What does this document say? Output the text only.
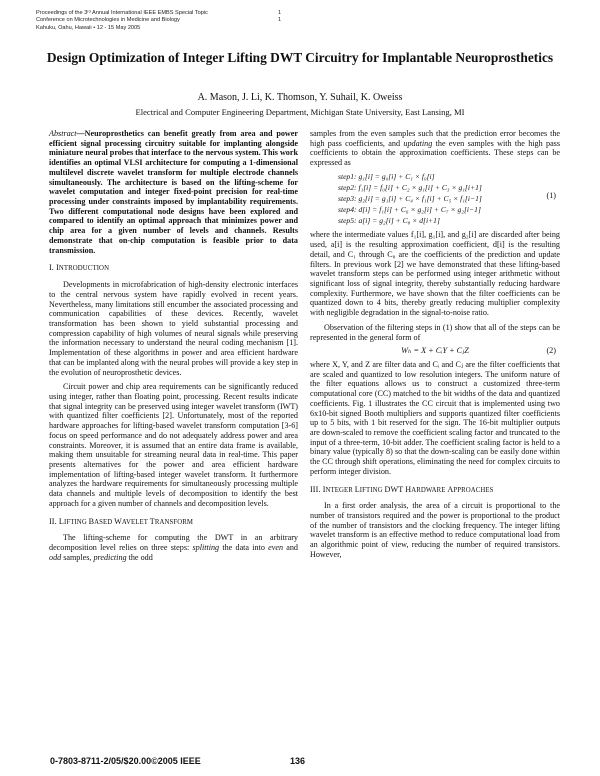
Proceedings of the 3ʳᵈ Annual International IEEE EMBS Special Topic
Conference on Microtechnologies in Medicine and Biology
Kahuku, Oahu, Hawaii • 12 - 15 May 2005
1
1
Design Optimization of Integer Lifting DWT Circuitry for Implantable Neuroprosthetics
A. Mason, J. Li, K. Thomson, Y. Suhail, K. Oweiss
Electrical and Computer Engineering Department, Michigan State University, East Lansing, MI

Abstract—Neuroprosthetics can benefit greatly from area and power efficient signal processing circuitry suitable for implanting alongside miniature neural probes that interface to the nervous system. This work identifies an optimal VLSI architecture for computing a 1-dimensional multilevel discrete wavelet transform for multiple electrode channels simultaneously. The architecture is based on the lifting-scheme for wavelet computation and integer fixed-point precision for real-time processing under constraints imposed by implantability requirements. Two different computational node designs have been explored and compared to identify an optimal approach that minimizes power and chip area for a given number of levels and channels. Results demonstrate that on-chip computation is feasible prior to data transmission.

I. INTRODUCTION

Developments in microfabrication of high-density electronic interfaces to the central nervous system have rapidly evolved in recent years. Nevertheless, many limitations still encumber the associated processing and communication capabilities of these devices. Recently, wavelet transformation has been shown to yield substantial processing and compression capability of high volumes of neural signals while preserving the information necessary to understand the neural coding mechanism [1]. Implementation of these algorithms in power and area efficient hardware that can be implanted along with the neural probes will provide a key step in the evolution of neuroprosthetic devices.

Circuit power and chip area requirements can be significantly reduced using integer, rather than floating point, processing. Recent results indicate that signal integrity can be preserved using integer wavelet transform (IWT) with quantized filter coefficients [2]. Unfortunately, most of the reported hardware approaches for lifting-based wavelet transform computation [3-6] focus on speed performance and do not adequately address power and area constraints. Moreover, it is assumed that an entire data frame is available, making them unsuitable for streaming neural data in real-time. This paper presents alternatives for the power and area efficient hardware implementation of lifting-based integer wavelet transform. It furthermore analyzes the hardware requirements for simultaneously processing multiple data channels and multiple levels of decomposition to identify the best approach for a given number of channels and decomposition levels.

II. LIFTING BASED WAVELET TRANSFORM

The lifting-scheme for computing the DWT in an arbitrary decomposition level relies on three steps: splitting the data into even and odd samples, predicting the odd

samples from the even samples such that the prediction error becomes the high pass coefficients, and updating the even samples with the high pass coefficients to obtain the approximation coefficients. These steps can be expressed as

step1: g₁[i] = g₀[i] + C₁ × f₀[i]
step2: f₁[i] = f₀[i] + C₂ × g₁[i] + C₃ × g₁[i+1]
step3: g₂[i] = g₁[i] + C₄ × f₁[i] + C₅ × f₁[i−1]
step4: d[i] = f₁[i] + C₆ × g₂[i] + C₇ × g₂[i−1]
step5: a[i] = g₂[i] + C₈ × d[i+1]
(1)

where the intermediate values f₁[i], g₁[i], and g₂[i] are discarded after being used, a[i] is the resulting approximation coefficient, d[i] is the resulting detail, and C₁ through C₈ are the coefficients of the prediction and update filters. In previous work [2] we have demonstrated that these lifting-based wavelet transform steps can be performed using integer arithmetic without significant loss of signal integrity, thereby substantially reducing hardware complexity. Furthermore, we have shown that the filter coefficients can be quantized down to 4 bits, thereby greatly reducing multiplier complexity with negligible degradation in the signal-to-noise ratio.

Observation of the filtering steps in (1) show that all of the steps can be represented in the general form of

Wₕ = X + CᵢY + CⱼZ	(2)

where X, Y, and Z are filter data and Cᵢ and Cⱼ are the filter coefficients that are scaled and quantized to low resolution integers. The uniform nature of the filter equations allows us to construct a customized three-term computational core (CC) matched to the bit widths of the data and quantized coefficients. Fig. 1 illustrates the CC circuit that is implemented using two 6x10-bit signed Booth multipliers and supports quantized filter coefficients up to 5 bits, with 1 bit reserved for the sign. The 16-bit multiplier outputs are down-scaled to remove the coefficient scaling factor and truncated to the input of a three-term, 10-bit adder. The coefficient scaling factor is held to a binary value (typically 8) so that the down-scaling can be easily done within the CC through shift operations, eliminating the need for complex circuits to perform integer division.

III. INTEGER LIFTING DWT HARDWARE APPROACHES

In a first order analysis, the area of a circuit is proportional to the number of transistors required and the power is proportional to the product of the number of transistors and the clocking frequency. The integer lifting wavelet transform is an effective method to reduce computational load from an algorithmic point of view, reducing the number of required transistors. However,

0-7803-8711-2/05/$20.00©2005 IEEE	136
